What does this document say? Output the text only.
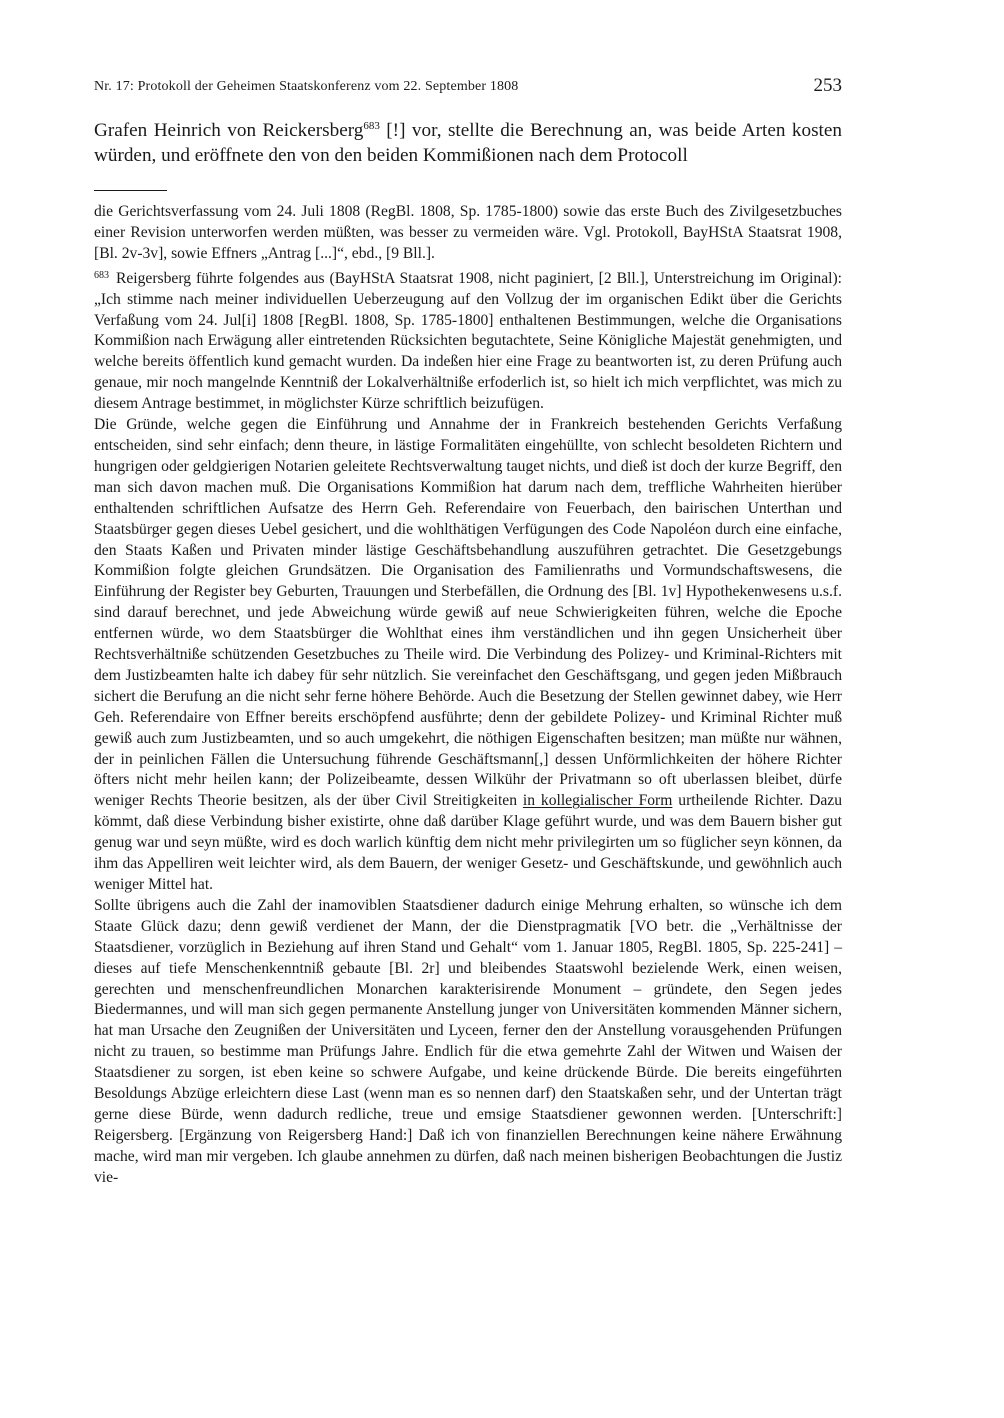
Nr. 17: Protokoll der Geheimen Staatskonferenz vom 22. September 1808	253

Grafen Heinrich von Reickersberg$^{683}$ [!] vor, stellte die Berechnung an, was beide Arten kosten würden, und eröffnete den von den beiden Kommißionen nach dem Protocoll

die Gerichtsverfassung vom 24. Juli 1808 (RegBl. 1808, Sp. 1785-1800) sowie das erste Buch des Zivilgesetzbuches einer Revision unterworfen werden müßten, was besser zu vermeiden wäre. Vgl. Protokoll, BayHStA Staatsrat 1908, [Bl. 2v-3v], sowie Effners „Antrag [...]“, ebd., [9 Bll.].

$^{683}$ Reigersberg führte folgendes aus (BayHStA Staatsrat 1908, nicht paginiert, [2 Bll.], Unterstreichung im Original): „Ich stimme nach meiner individuellen Ueberzeugung auf den Vollzug der im organischen Edikt über die Gerichts Verfaßung vom 24. Jul[i] 1808 [RegBl. 1808, Sp. 1785-1800] enthaltenen Bestimmungen, welche die Organisations Kommißion nach Erwägung aller eintretenden Rücksichten begutachtete, Seine Königliche Majestät genehmigten, und welche bereits öffentlich kund gemacht wurden. Da indeßen hier eine Frage zu beantworten ist, zu deren Prüfung auch genaue, mir noch mangelnde Kenntniß der Lokalverhältniße erfoderlich ist, so hielt ich mich verpflichtet, was mich zu diesem Antrage bestimmet, in möglichster Kürze schriftlich beizufügen.

Die Gründe, welche gegen die Einführung und Annahme der in Frankreich bestehenden Gerichts Verfaßung entscheiden, sind sehr einfach; denn theure, in lästige Formalitäten eingehüllte, von schlecht besoldeten Richtern und hungrigen oder geldgierigen Notarien geleitete Rechtsverwaltung tauget nichts, und dieß ist doch der kurze Begriff, den man sich davon machen muß. Die Organisations Kommißion hat darum nach dem, treffliche Wahrheiten hierüber enthaltenden schriftlichen Aufsatze des Herrn Geh. Referendaire von Feuerbach, den bairischen Unterthan und Staatsbürger gegen dieses Uebel gesichert, und die wohlthätigen Verfügungen des Code Napoléon durch eine einfache, den Staats Kaßen und Privaten minder lästige Geschäftsbehandlung auszuführen getrachtet. Die Gesetzgebungs Kommißion folgte gleichen Grundsätzen. Die Organisation des Familienraths und Vormundschaftswesens, die Einführung der Register bey Geburten, Trauungen und Sterbefällen, die Ordnung des [Bl. 1v] Hypothekenwesens u.s.f. sind darauf berechnet, und jede Abweichung würde gewiß auf neue Schwierigkeiten führen, welche die Epoche entfernen würde, wo dem Staatsbürger die Wohlthat eines ihm verständlichen und ihn gegen Unsicherheit über Rechtsverhältniße schützenden Gesetzbuches zu Theile wird. Die Verbindung des Polizey- und Kriminal-Richters mit dem Justizbeamten halte ich dabey für sehr nützlich. Sie vereinfachet den Geschäftsgang, und gegen jeden Mißbrauch sichert die Berufung an die nicht sehr ferne höhere Behörde. Auch die Besetzung der Stellen gewinnet dabey, wie Herr Geh. Referendaire von Effner bereits erschöpfend ausführte; denn der gebildete Polizey- und Kriminal Richter muß gewiß auch zum Justizbeamten, und so auch umgekehrt, die nöthigen Eigenschaften besitzen; man müßte nur wähnen, der in peinlichen Fällen die Untersuchung führende Geschäftsmann[,] dessen Unförmlichkeiten der höhere Richter öfters nicht mehr heilen kann; der Polizeibeamte, dessen Wilkühr der Privatmann so oft uberlassen bleibet, dürfe weniger Rechts Theorie besitzen, als der über Civil Streitigkeiten in kollegialischer Form urtheilende Richter. Dazu kömmt, daß diese Verbindung bisher existirte, ohne daß darüber Klage geführt wurde, und was dem Bauern bisher gut genug war und seyn müßte, wird es doch warlich künftig dem nicht mehr privilegirten um so füglicher seyn können, da ihm das Appelliren weit leichter wird, als dem Bauern, der weniger Gesetz- und Geschäftskunde, und gewöhnlich auch weniger Mittel hat.

Sollte übrigens auch die Zahl der inamoviblen Staatsdiener dadurch einige Mehrung erhalten, so wünsche ich dem Staate Glück dazu; denn gewiß verdienet der Mann, der die Dienstpragmatik [VO betr. die „Verhältnisse der Staatsdiener, vorzüglich in Beziehung auf ihren Stand und Gehalt“ vom 1. Januar 1805, RegBl. 1805, Sp. 225-241] – dieses auf tiefe Menschenkenntniß gebaute [Bl. 2r] und bleibendes Staatswohl bezielende Werk, einen weisen, gerechten und menschenfreundlichen Monarchen karakterisirende Monument – gründete, den Segen jedes Biedermannes, und will man sich gegen permanente Anstellung junger von Universitäten kommenden Männer sichern, hat man Ursache den Zeugnißen der Universitäten und Lyceen, ferner den der Anstellung vorausgehenden Prüfungen nicht zu trauen, so bestimme man Prüfungs Jahre. Endlich für die etwa gemehrte Zahl der Witwen und Waisen der Staatsdiener zu sorgen, ist eben keine so schwere Aufgabe, und keine drückende Bürde. Die bereits eingeführten Besoldungs Abzüge erleichtern diese Last (wenn man es so nennen darf) den Staatskaßen sehr, und der Untertan trägt gerne diese Bürde, wenn dadurch redliche, treue und emsige Staatsdiener gewonnen werden. [Unterschrift:] Reigersberg. [Ergänzung von Reigersberg Hand:] Daß ich von finanziellen Berechnungen keine nähere Erwähnung mache, wird man mir vergeben. Ich glaube annehmen zu dürfen, daß nach meinen bisherigen Beobachtungen die Justiz vie-
